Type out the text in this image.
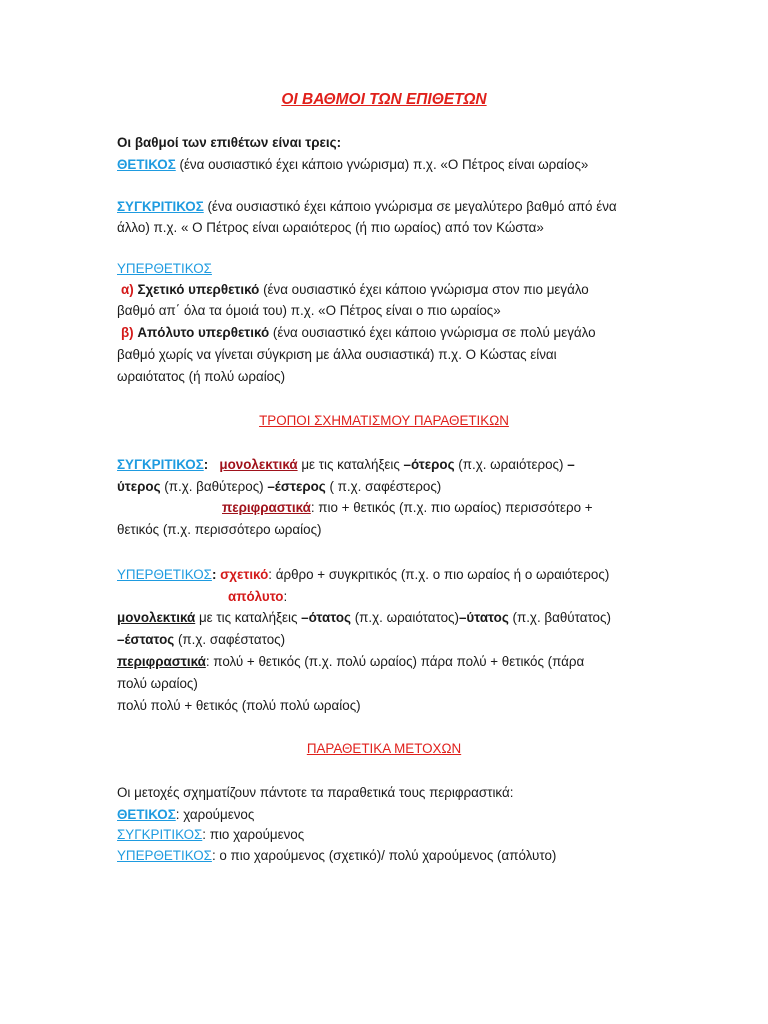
ΟΙ ΒΑΘΜΟΙ ΤΩΝ ΕΠΙΘΕΤΩΝ
Οι βαθμοί των επιθέτων είναι τρεις:
ΘΕΤΙΚΟΣ (ένα ουσιαστικό έχει κάποιο γνώρισμα) π.χ. «Ο Πέτρος είναι ωραίος»
ΣΥΓΚΡΙΤΙΚΟΣ (ένα ουσιαστικό έχει κάποιο γνώρισμα σε μεγαλύτερο βαθμό από ένα
άλλο) π.χ. « Ο Πέτρος είναι ωραιότερος (ή πιο ωραίος) από τον Κώστα»
ΥΠΕΡΘΕΤΙΚΟΣ
α) Σχετικό υπερθετικό (ένα ουσιαστικό έχει κάποιο γνώρισμα στον πιο μεγάλο
βαθμό απ΄ όλα τα όμοιά του) π.χ. «Ο Πέτρος είναι ο πιο ωραίος»
β) Απόλυτο υπερθετικό (ένα ουσιαστικό έχει κάποιο γνώρισμα σε πολύ μεγάλο
βαθμό χωρίς να γίνεται σύγκριση με άλλα ουσιαστικά) π.χ. Ο Κώστας είναι
ωραιότατος (ή πολύ ωραίος)
ΤΡΟΠΟΙ ΣΧΗΜΑΤΙΣΜΟΥ ΠΑΡΑΘΕΤΙΚΩΝ
ΣΥΓΚΡΙΤΙΚΟΣ: μονολεκτικά με τις καταλήξεις –ότερος (π.χ. ωραιότερος) –
ύτερος (π.χ. βαθύτερος) –έστερος ( π.χ. σαφέστερος)
περιφραστικά: πιο + θετικός (π.χ. πιο ωραίος) περισσότερο +
θετικός (π.χ. περισσότερο ωραίος)
ΥΠΕΡΘΕΤΙΚΟΣ: σχετικό: άρθρο + συγκριτικός (π.χ. ο πιο ωραίος ή ο ωραιότερος)
απόλυτο:
μονολεκτικά με τις καταλήξεις –ότατος (π.χ. ωραιότατος)–ύτατος (π.χ. βαθύτατος)
–έστατος (π.χ. σαφέστατος)
περιφραστικά: πολύ + θετικός (π.χ. πολύ ωραίος) πάρα πολύ + θετικός (πάρα
πολύ ωραίος)
πολύ πολύ + θετικός (πολύ πολύ ωραίος)
ΠΑΡΑΘΕΤΙΚΑ ΜΕΤΟΧΩΝ
Οι μετοχές σχηματίζουν πάντοτε τα παραθετικά τους περιφραστικά:
ΘΕΤΙΚΟΣ: χαρούμενος
ΣΥΓΚΡΙΤΙΚΟΣ: πιο χαρούμενος
ΥΠΕΡΘΕΤΙΚΟΣ: ο πιο χαρούμενος (σχετικό)/ πολύ χαρούμενος (απόλυτο)
